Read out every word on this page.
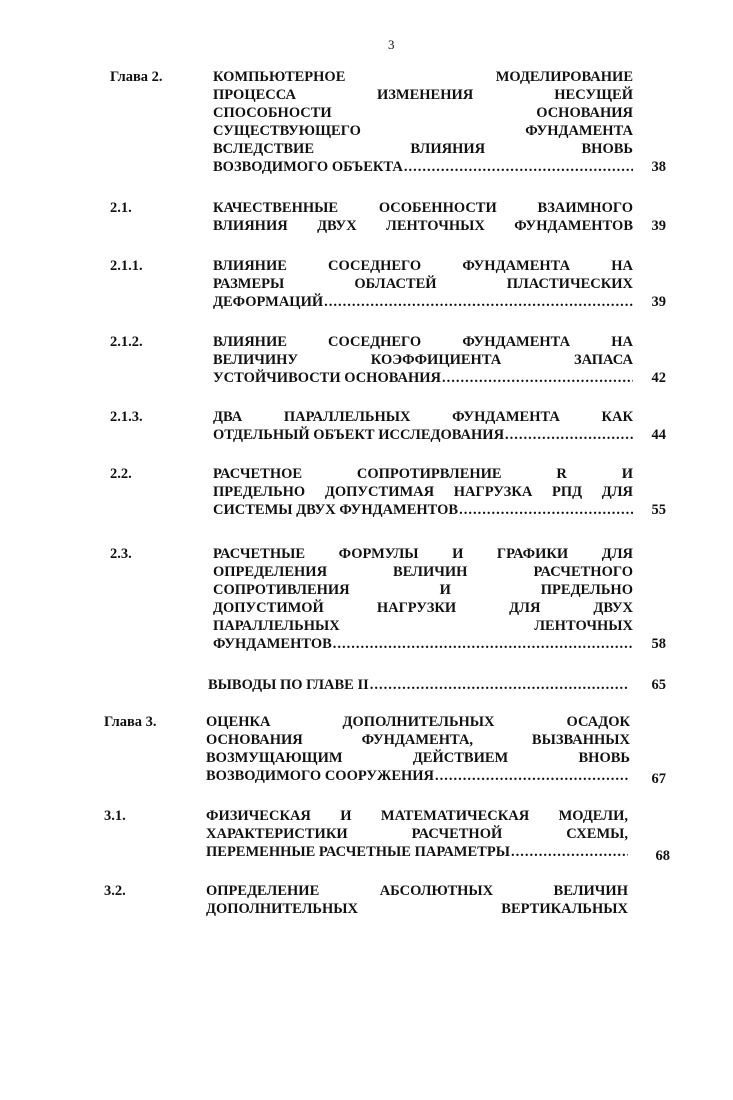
3
Глава 2.	КОМПЬЮТЕРНОЕ МОДЕЛИРОВАНИЕ
ПРОЦЕССА ИЗМЕНЕНИЯ НЕСУЩЕЙ
СПОСОБНОСТИ ОСНОВАНИЯ
СУЩЕСТВУЮЩЕГО ФУНДАМЕНТА
ВСЛЕДСТВИЕ ВЛИЯНИЯ ВНОВЬ
ВОЗВОДИМОГО ОБЪЕКТА .....	38
2.1.	КАЧЕСТВЕННЫЕ ОСОБЕННОСТИ ВЗАИМНОГО
ВЛИЯНИЯ ДВУХ ЛЕНТОЧНЫХ ФУНДАМЕНТОВ 39
2.1.1.	ВЛИЯНИЕ СОСЕДНЕГО ФУНДАМЕНТА НА
РАЗМЕРЫ ОБЛАСТЕЙ ПЛАСТИЧЕСКИХ
ДЕФОРМАЦИЙ .....	39
2.1.2.	ВЛИЯНИЕ СОСЕДНЕГО ФУНДАМЕНТА НА
ВЕЛИЧИНУ КОЭФФИЦИЕНТА ЗАПАСА
УСТОЙЧИВОСТИ ОСНОВАНИЯ .....	42
2.1.3.	ДВА ПАРАЛЛЕЛЬНЫХ ФУНДАМЕНТА КАК
ОТДЕЛЬНЫЙ ОБЪЕКТ ИССЛЕДОВАНИЯ .....	44
2.2.	РАСЧЕТНОЕ СОПРОТИРВЛЕНИЕ R И
ПРЕДЕЛЬНО ДОПУСТИМАЯ НАГРУЗКА PПД ДЛЯ
СИСТЕМЫ ДВУХ ФУНДАМЕНТОВ .....	55
2.3.	РАСЧЕТНЫЕ ФОРМУЛЫ И ГРАФИКИ ДЛЯ
ОПРЕДЕЛЕНИЯ ВЕЛИЧИН РАСЧЕТНОГО
СОПРОТИВЛЕНИЯ И ПРЕДЕЛЬНО
ДОПУСТИМОЙ НАГРУЗКИ ДЛЯ ДВУХ
ПАРАЛЛЕЛЬНЫХ ЛЕНТОЧНЫХ
ФУНДАМЕНТОВ .....	58
ВЫВОДЫ ПО ГЛАВЕ II .....	65
Глава 3.	ОЦЕНКА ДОПОЛНИТЕЛЬНЫХ ОСАДОК
ОСНОВАНИЯ ФУНДАМЕНТА, ВЫЗВАННЫХ
ВОЗМУЩАЮЩИМ ДЕЙСТВИЕМ ВНОВЬ
ВОЗВОДИМОГО СООРУЖЕНИЯ .....	67
3.1.	ФИЗИЧЕСКАЯ И МАТЕМАТИЧЕСКАЯ МОДЕЛИ,
ХАРАКТЕРИСТИКИ РАСЧЕТНОЙ СХЕМЫ,
ПЕРЕМЕННЫЕ РАСЧЕТНЫЕ ПАРАМЕТРЫ .....	68
3.2.	ОПРЕДЕЛЕНИЕ АБСОЛЮТНЫХ ВЕЛИЧИН
ДОПОЛНИТЕЛЬНЫХ ВЕРТИКАЛЬНЫХ
